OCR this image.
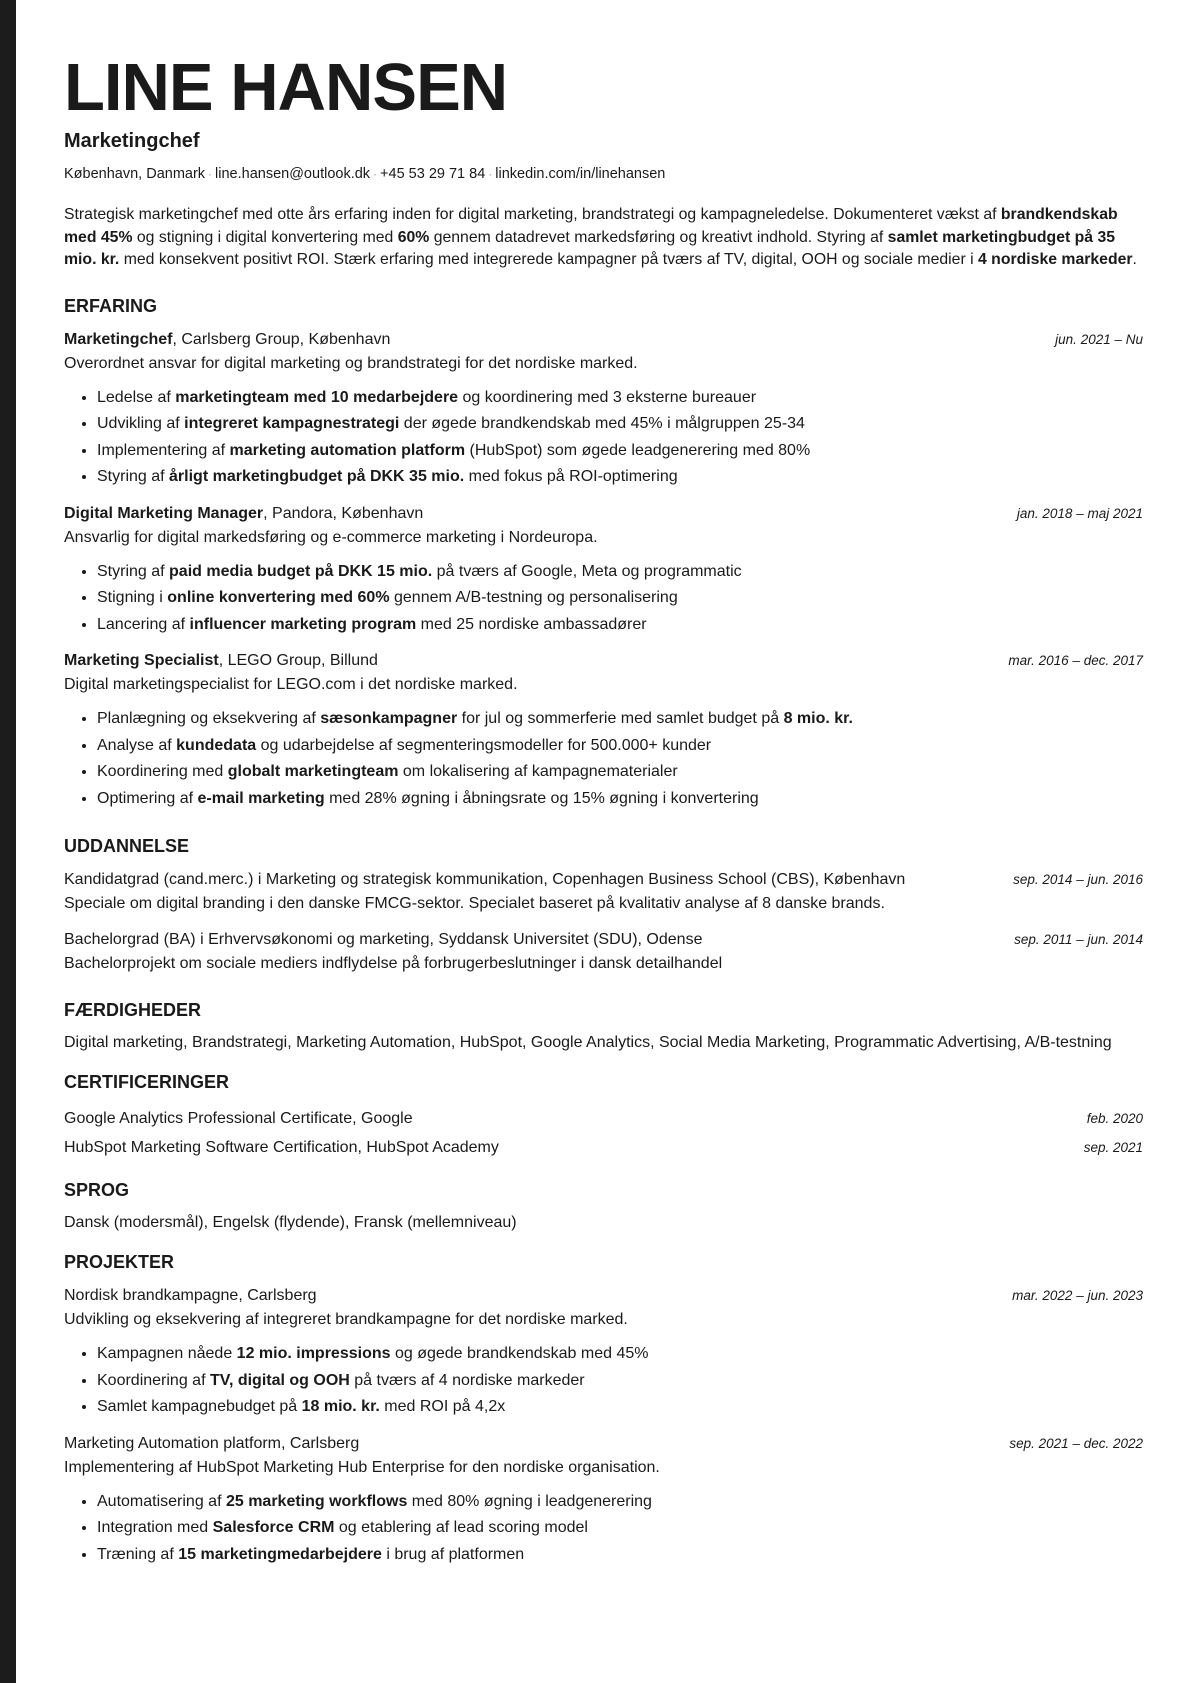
LINE HANSEN
Marketingchef
København, Danmark · line.hansen@outlook.dk · +45 53 29 71 84 · linkedin.com/in/linehansen
Strategisk marketingchef med otte års erfaring inden for digital marketing, brandstrategi og kampagneledelse. Dokumenteret vækst af brandkendskab med 45% og stigning i digital konvertering med 60% gennem datadrevet markedsføring og kreativt indhold. Styring af samlet marketingbudget på 35 mio. kr. med konsekvent positivt ROI. Stærk erfaring med integrerede kampagner på tværs af TV, digital, OOH og sociale medier i 4 nordiske markeder.
ERFARING
Marketingchef, Carlsberg Group, København	jun. 2021 – Nu
Overordnet ansvar for digital marketing og brandstrategi for det nordiske marked.
• Ledelse af marketingteam med 10 medarbejdere og koordinering med 3 eksterne bureauer
• Udvikling af integreret kampagnestrategi der øgede brandkendskab med 45% i målgruppen 25-34
• Implementering af marketing automation platform (HubSpot) som øgede leadgenerering med 80%
• Styring af årligt marketingbudget på DKK 35 mio. med fokus på ROI-optimering
Digital Marketing Manager, Pandora, København	jan. 2018 – maj 2021
Ansvarlig for digital markedsføring og e-commerce marketing i Nordeuropa.
• Styring af paid media budget på DKK 15 mio. på tværs af Google, Meta og programmatic
• Stigning i online konvertering med 60% gennem A/B-testning og personalisering
• Lancering af influencer marketing program med 25 nordiske ambassadører
Marketing Specialist, LEGO Group, Billund	mar. 2016 – dec. 2017
Digital marketingspecialist for LEGO.com i det nordiske marked.
• Planlægning og eksekvering af sæsonkampagner for jul og sommerferie med samlet budget på 8 mio. kr.
• Analyse af kundedata og udarbejdelse af segmenteringsmodeller for 500.000+ kunder
• Koordinering med globalt marketingteam om lokalisering af kampagnematerialer
• Optimering af e-mail marketing med 28% øgning i åbningsrate og 15% øgning i konvertering
UDDANNELSE
Kandidatgrad (cand.merc.) i Marketing og strategisk kommunikation, Copenhagen Business School (CBS), København	sep. 2014 – jun. 2016
Speciale om digital branding i den danske FMCG-sektor. Specialet baseret på kvalitativ analyse af 8 danske brands.
Bachelorgrad (BA) i Erhvervsøkonomi og marketing, Syddansk Universitet (SDU), Odense	sep. 2011 – jun. 2014
Bachelorprojekt om sociale mediers indflydelse på forbrugerbeslutninger i dansk detailhandel
FÆRDIGHEDER
Digital marketing, Brandstrategi, Marketing Automation, HubSpot, Google Analytics, Social Media Marketing, Programmatic Advertising, A/B-testning
CERTIFICERINGER
Google Analytics Professional Certificate, Google	feb. 2020
HubSpot Marketing Software Certification, HubSpot Academy	sep. 2021
SPROG
Dansk (modersmål), Engelsk (flydende), Fransk (mellemniveau)
PROJEKTER
Nordisk brandkampagne, Carlsberg	mar. 2022 – jun. 2023
Udvikling og eksekvering af integreret brandkampagne for det nordiske marked.
• Kampagnen nåede 12 mio. impressions og øgede brandkendskab med 45%
• Koordinering af TV, digital og OOH på tværs af 4 nordiske markeder
• Samlet kampagnebudget på 18 mio. kr. med ROI på 4,2x
Marketing Automation platform, Carlsberg	sep. 2021 – dec. 2022
Implementering af HubSpot Marketing Hub Enterprise for den nordiske organisation.
• Automatisering af 25 marketing workflows med 80% øgning i leadgenerering
• Integration med Salesforce CRM og etablering af lead scoring model
• Træning af 15 marketingmedarbejdere i brug af platformen
